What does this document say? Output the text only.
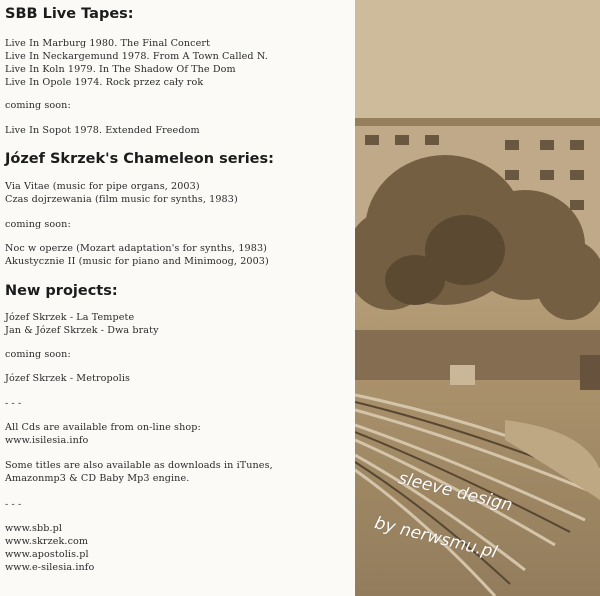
SBB Live Tapes:
Live In Marburg 1980. The Final Concert
Live In Neckargemund 1978. From A Town Called N.
Live In Koln 1979. In The Shadow Of The Dom
Live In Opole 1974. Rock przez cały rok
coming soon:
Live In Sopot 1978. Extended Freedom
Józef Skrzek's Chameleon series:
Via Vitae (music for pipe organs, 2003)
Czas dojrzewania (film music for synths, 1983)
coming soon:
Noc w operze (Mozart adaptation's for synths, 1983)
Akustycznie II (music for piano and Minimoog, 2003)
New projects:
Józef Skrzek - La Tempete
Jan & Józef Skrzek - Dwa braty
coming soon:
Józef Skrzek - Metropolis
- - -
All Cds are available from on-line shop:
www.isilesia.info
Some titles are also available as downloads in iTunes,
Amazonmp3 & CD Baby Mp3 engine.
- - -
www.sbb.pl
www.skrzek.com
www.apostolis.pl
www.e-silesia.info
sleeve design
by nerwsmu.pl
